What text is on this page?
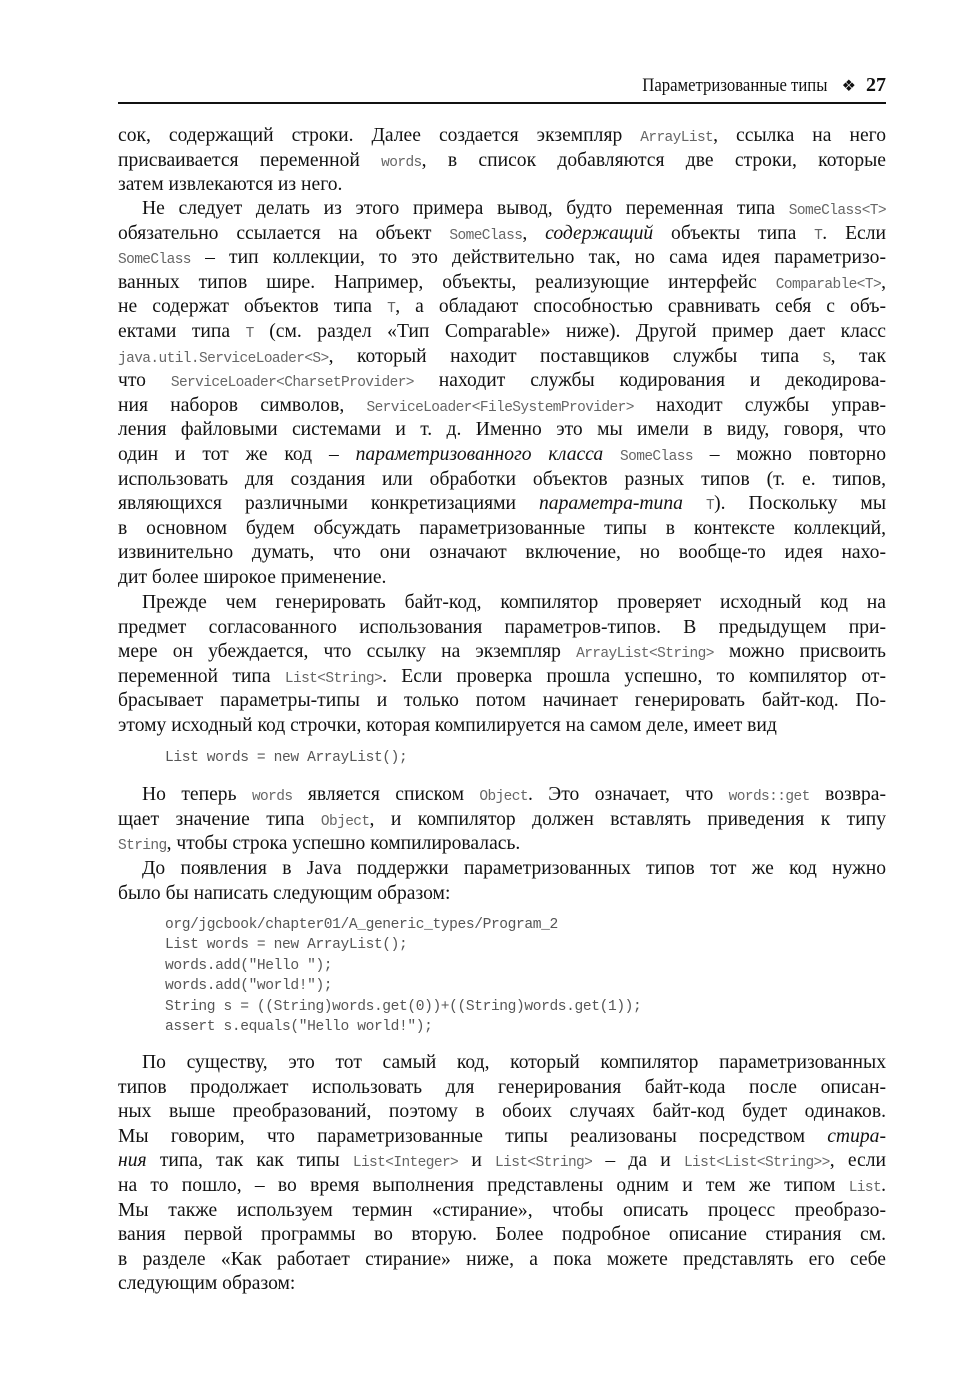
Параметризованные типы ❖ 27
сок, содержащий строки. Далее создается экземпляр ArrayList, ссылка на него
присваивается переменной words, в список добавляются две строки, которые
затем извлекаются из него.
Не следует делать из этого примера вывод, будто переменная типа SomeClass<T>
обязательно ссылается на объект SomeClass, содержащий объекты типа T. Если
SomeClass – тип коллекции, то это действительно так, но сама идея параметризо-
ванных типов шире. Например, объекты, реализующие интерфейс Comparable<T>,
не содержат объектов типа T, а обладают способностью сравнивать себя с объ-
ектами типа T (см. раздел «Тип Comparable» ниже). Другой пример дает класс
java.util.ServiceLoader<S>, который находит поставщиков службы типа S, так
что ServiceLoader<CharsetProvider> находит службы кодирования и декодирова-
ния наборов символов, ServiceLoader<FileSystemProvider> находит службы управ-
ления файловыми системами и т. д. Именно это мы имели в виду, говоря, что
один и тот же код – параметризованного класса SomeClass – можно повторно
использовать для создания или обработки объектов разных типов (т. е. типов,
являющихся различными конкретизациями параметра-типа T). Поскольку мы
в основном будем обсуждать параметризованные типы в контексте коллекций,
извинительно думать, что они означают включение, но вообще-то идея нахо-
дит более широкое применение.
Прежде чем генерировать байт-код, компилятор проверяет исходный код на
предмет согласованного использования параметров-типов. В предыдущем при-
мере он убеждается, что ссылку на экземпляр ArrayList<String> можно присвоить
переменной типа List<String>. Если проверка прошла успешно, то компилятор от-
брасывает параметры-типы и только потом начинает генерировать байт-код. По-
этому исходный код строчки, которая компилируется на самом деле, имеет вид
List words = new ArrayList();
Но теперь words является списком Object. Это означает, что words::get возвра-
щает значение типа Object, и компилятор должен вставлять приведения к типу
String, чтобы строка успешно компилировалась.
До появления в Java поддержки параметризованных типов тот же код нужно
было бы написать следующим образом:
org/jgcbook/chapter01/A_generic_types/Program_2
List words = new ArrayList();
words.add("Hello ");
words.add("world!");
String s = ((String)words.get(0))+((String)words.get(1));
assert s.equals("Hello world!");
По существу, это тот самый код, который компилятор параметризованных
типов продолжает использовать для генерирования байт-кода после описан-
ных выше преобразований, поэтому в обоих случаях байт-код будет одинаков.
Мы говорим, что параметризованные типы реализованы посредством стира-
ния типа, так как типы List<Integer> и List<String> – да и List<List<String>>, если
на то пошло, – во время выполнения представлены одним и тем же типом List.
Мы также используем термин «стирание», чтобы описать процесс преобразо-
вания первой программы во вторую. Более подробное описание стирания см.
в разделе «Как работает стирание» ниже, а пока можете представлять его себе
следующим образом:
